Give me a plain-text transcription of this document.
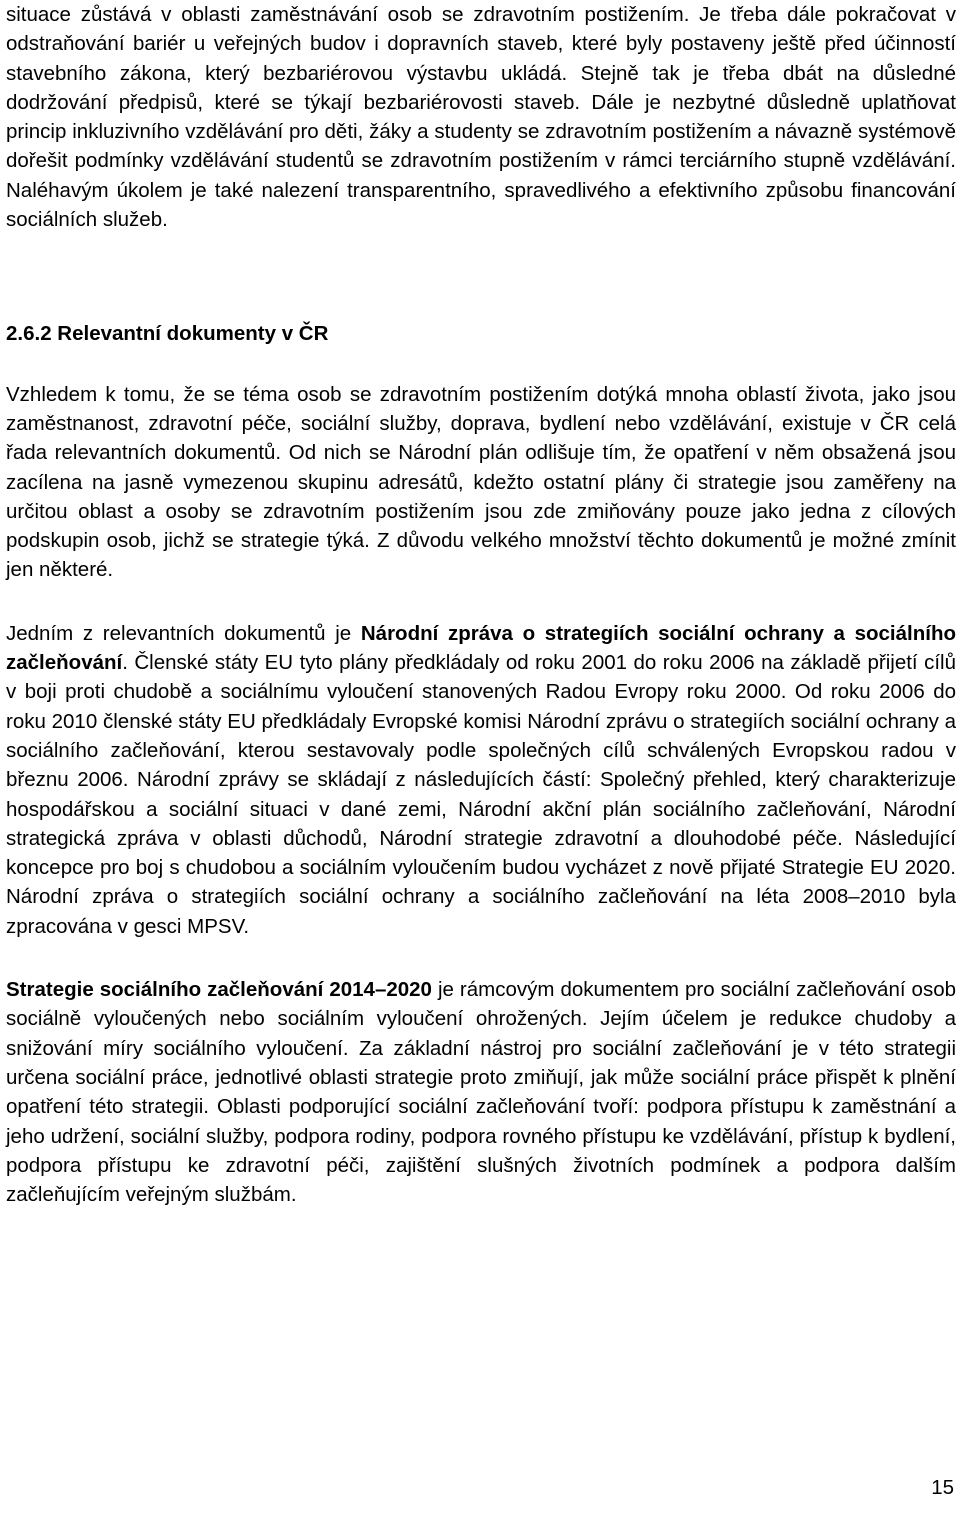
situace zůstává v oblasti zaměstnávání osob se zdravotním postižením. Je třeba dále pokračovat v odstraňování bariér u veřejných budov i dopravních staveb, které byly postaveny ještě před účinností stavebního zákona, který bezbariérovou výstavbu ukládá. Stejně tak je třeba dbát na důsledné dodržování předpisů, které se týkají bezbariérovosti staveb. Dále je nezbytné důsledně uplatňovat princip inkluzivního vzdělávání pro děti, žáky a studenty se zdravotním postižením a návazně systémově dořešit podmínky vzdělávání studentů se zdravotním postižením v rámci terciárního stupně vzdělávání. Naléhavým úkolem je také nalezení transparentního, spravedlivého a efektivního způsobu financování sociálních služeb.

2.6.2 Relevantní dokumenty v ČR

Vzhledem k tomu, že se téma osob se zdravotním postižením dotýká mnoha oblastí života, jako jsou zaměstnanost, zdravotní péče, sociální služby, doprava, bydlení nebo vzdělávání, existuje v ČR celá řada relevantních dokumentů. Od nich se Národní plán odlišuje tím, že opatření v něm obsažená jsou zacílena na jasně vymezenou skupinu adresátů, kdežto ostatní plány či strategie jsou zaměřeny na určitou oblast a osoby se zdravotním postižením jsou zde zmiňovány pouze jako jedna z cílových podskupin osob, jichž se strategie týká. Z důvodu velkého množství těchto dokumentů je možné zmínit jen některé.

Jedním z relevantních dokumentů je Národní zpráva o strategiích sociální ochrany a sociálního začleňování. Členské státy EU tyto plány předkládaly od roku 2001 do roku 2006 na základě přijetí cílů v boji proti chudobě a sociálnímu vyloučení stanovených Radou Evropy roku 2000. Od roku 2006 do roku 2010 členské státy EU předkládaly Evropské komisi Národní zprávu o strategiích sociální ochrany a sociálního začleňování, kterou sestavovaly podle společných cílů schválených Evropskou radou v březnu 2006. Národní zprávy se skládají z následujících částí: Společný přehled, který charakterizuje hospodářskou a sociální situaci v dané zemi, Národní akční plán sociálního začleňování, Národní strategická zpráva v oblasti důchodů, Národní strategie zdravotní a dlouhodobé péče. Následující koncepce pro boj s chudobou a sociálním vyloučením budou vycházet z nově přijaté Strategie EU 2020. Národní zpráva o strategiích sociální ochrany a sociálního začleňování na léta 2008–2010 byla zpracována v gesci MPSV.

Strategie sociálního začleňování 2014–2020 je rámcovým dokumentem pro sociální začleňování osob sociálně vyloučených nebo sociálním vyloučení ohrožených. Jejím účelem je redukce chudoby a snižování míry sociálního vyloučení. Za základní nástroj pro sociální začleňování je v této strategii určena sociální práce, jednotlivé oblasti strategie proto zmiňují, jak může sociální práce přispět k plnění opatření této strategii. Oblasti podporující sociální začleňování tvoří: podpora přístupu k zaměstnání a jeho udržení, sociální služby, podpora rodiny, podpora rovného přístupu ke vzdělávání, přístup k bydlení, podpora přístupu ke zdravotní péči, zajištění slušných životních podmínek a podpora dalším začleňujícím veřejným službám.

15
